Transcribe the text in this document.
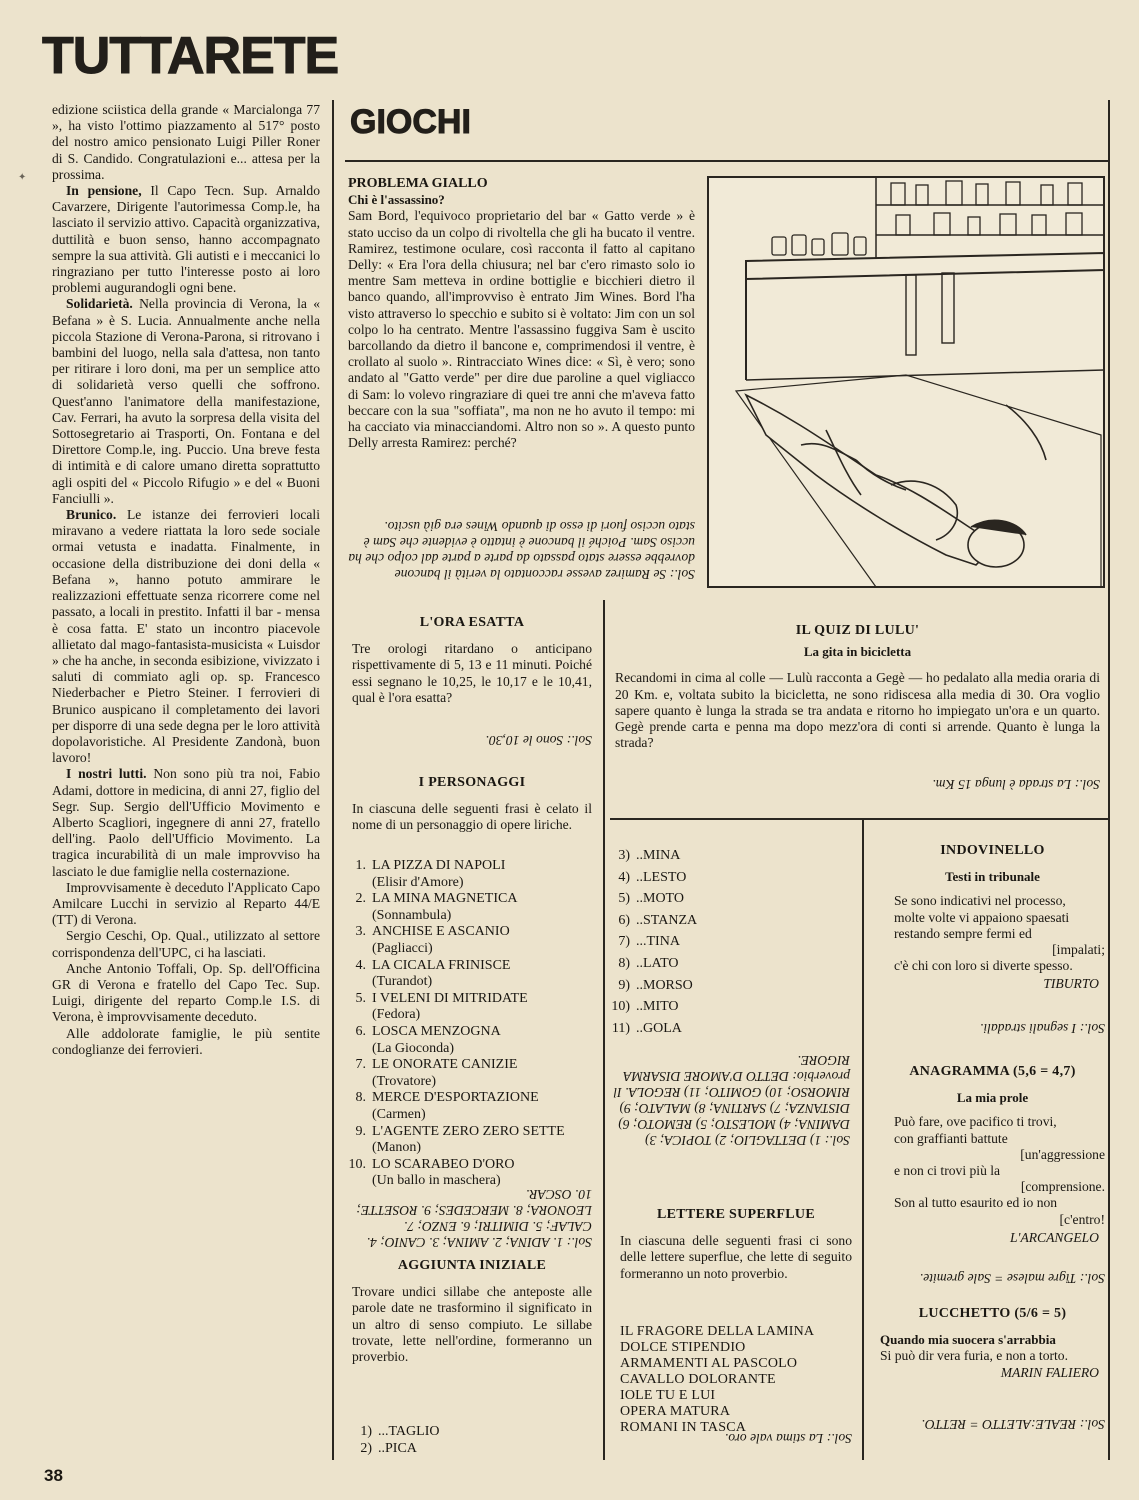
TUTTARETE
✦

edizione sciistica della grande « Marcialonga 77 », ha visto l'ottimo piazzamento al 517° posto del nostro amico pensionato Luigi Piller Roner di S. Candido. Congratulazioni e... attesa per la prossima.

In pensione, Il Capo Tecn. Sup. Arnaldo Cavarzere, Dirigente l'autorimessa Comp.le, ha lasciato il servizio attivo. Capacità organizzativa, duttilità e buon senso, hanno accompagnato sempre la sua attività. Gli autisti e i meccanici lo ringraziano per tutto l'interesse posto ai loro problemi augurandogli ogni bene.

Solidarietà. Nella provincia di Verona, la « Befana » è S. Lucia. Annualmente anche nella piccola Stazione di Verona-Parona, si ritrovano i bambini del luogo, nella sala d'attesa, non tanto per ritirare i loro doni, ma per un semplice atto di solidarietà verso quelli che soffrono. Quest'anno l'animatore della manifestazione, Cav. Ferrari, ha avuto la sorpresa della visita del Sottosegretario ai Trasporti, On. Fontana e del Direttore Comp.le, ing. Puccio. Una breve festa di intimità e di calore umano diretta soprattutto agli ospiti del « Piccolo Rifugio » e del « Buoni Fanciulli ».

Brunico. Le istanze dei ferrovieri locali miravano a vedere riattata la loro sede sociale ormai vetusta e inadatta. Finalmente, in occasione della distribuzione dei doni della « Befana », hanno potuto ammirare le realizzazioni effettuate senza ricorrere come nel passato, a locali in prestito. Infatti il bar - mensa è cosa fatta. E' stato un incontro piacevole allietato dal mago-fantasista-musicista « Luisdor » che ha anche, in seconda esibizione, vivizzato i saluti di commiato agli op. sp. Francesco Niederbacher e Pietro Steiner. I ferrovieri di Brunico auspicano il completamento dei lavori per disporre di una sede degna per le loro attività dopolavoristiche. Al Presidente Zandonà, buon lavoro!

I nostri lutti. Non sono più tra noi, Fabio Adami, dottore in medicina, di anni 27, figlio del Segr. Sup. Sergio dell'Ufficio Movimento e Alberto Scagliori, ingegnere di anni 27, fratello dell'ing. Paolo dell'Ufficio Movimento. La tragica incurabilità di un male improvviso ha lasciato le due famiglie nella costernazione.

Improvvisamente è deceduto l'Applicato Capo Amilcare Lucchi in servizio al Reparto 44/E (TT) di Verona.

Sergio Ceschi, Op. Qual., utilizzato al settore corrispondenza dell'UPC, ci ha lasciati.

Anche Antonio Toffali, Op. Sp. dell'Officina GR di Verona e fratello del Capo Tec. Sup. Luigi, dirigente del reparto Comp.le I.S. di Verona, è improvvisamente deceduto.

Alle addolorate famiglie, le più sentite condoglianze dei ferrovieri.

GIOCHI
PROBLEMA GIALLO
Chi è l'assassino?

Sam Bord, l'equivoco proprietario del bar « Gatto verde » è stato ucciso da un colpo di rivoltella che gli ha bucato il ventre. Ramirez, testimone oculare, così racconta il fatto al capitano Delly: « Era l'ora della chiusura; nel bar c'ero rimasto solo io mentre Sam metteva in ordine bottiglie e bicchieri dietro il banco quando, all'improvviso è entrato Jim Wines. Bord l'ha visto attraverso lo specchio e subito si è voltato: Jim con un sol colpo lo ha centrato. Mentre l'assassino fuggiva Sam è uscito barcollando da dietro il bancone e, comprimendosi il ventre, è crollato al suolo ». Rintracciato Wines dice: « Sì, è vero; sono andato al "Gatto verde" per dire due paroline a quel vigliacco di Sam: lo volevo ringraziare di quei tre anni che m'aveva fatto beccare con la sua "soffiata", ma non ne ho avuto il tempo: mi ha cacciato via minacciandomi. Altro non so ». A questo punto Delly arresta Ramirez: perché?

Sol.: Se Ramirez avesse raccontato la verità il bancone dovrebbe essere stato passato da parte a parte dal colpo che ha ucciso Sam. Poiché il bancone è intatto è evidente che Sam è stato ucciso fuori di esso di quando Wines era già uscito.
L'ORA ESATTA

Tre orologi ritardano o anticipano rispettivamente di 5, 13 e 11 minuti. Poiché essi segnano le 10,25, le 10,17 e le 10,41, qual è l'ora esatta?

Sol.: Sono le 10,30.
IL QUIZ DI LULU'
La gita in bicicletta

Recandomi in cima al colle — Lulù racconta a Gegè — ho pedalato alla media oraria di 20 Km. e, voltata subito la bicicletta, ne sono ridiscesa alla media di 30. Ora voglio sapere quanto è lunga la strada se tra andata e ritorno ho impiegato un'ora e un quarto. Gegè prende carta e penna ma dopo mezz'ora di conti si arrende. Quanto è lunga la strada?

Sol.: La strada è lunga 15 Km.
I PERSONAGGI

In ciascuna delle seguenti frasi è celato il nome di un personaggio di opere liriche.

1. LA PIZZA DI NAPOLI
(Elisir d'Amore)
2. LA MINA MAGNETICA
(Sonnambula)
3. ANCHISE E ASCANIO
(Pagliacci)
4. LA CICALA FRINISCE
(Turandot)
5. I VELENI DI MITRIDATE
(Fedora)
6. LOSCA MENZOGNA
(La Gioconda)
7. LE ONORATE CANIZIE
(Trovatore)
8. MERCE D'ESPORTAZIONE
(Carmen)
9. L'AGENTE ZERO ZERO SETTE
(Manon)
10. LO SCARABEO D'ORO
(Un ballo in maschera)
Sol.: 1. ADINA; 2. AMINA; 3. CANIO; 4. CALAF; 5. DIMITRI; 6. ENZO; 7. LEONORA; 8. MERCEDES; 9. ROSETTE; 10. OSCAR.
AGGIUNTA INIZIALE

Trovare undici sillabe che anteposte alle parole date ne trasformino il significato in un altro di senso compiuto. Le sillabe trovate, lette nell'ordine, formeranno un proverbio.

1) ...TAGLIO
2) ..PICA
3) ..MINA
4) ..LESTO
5) ..MOTO
6) ..STANZA
7) ...TINA
8) ..LATO
9) ..MORSO
10) ..MITO
11) ..GOLA
Sol.: 1) DETTAGLIO; 2) TOPICA; 3) DAMINA; 4) MOLESTO; 5) REMOTO; 6) DISTANZA; 7) SARTINA; 8) MALATO; 9) RIMORSO; 10) GOMITO; 11) REGOLA. Il proverbio: DETTO D'AMORE DISARMA RIGORE.
LETTERE SUPERFLUE

In ciascuna delle seguenti frasi ci sono delle lettere superflue, che lette di seguito formeranno un noto proverbio.

IL FRAGORE DELLA LAMINA
DOLCE STIPENDIO
ARMAMENTI AL PASCOLO
CAVALLO DOLORANTE
IOLE TU E LUI
OPERA MATURA
ROMANI IN TASCA
Sol.: La stima vale oro.
INDOVINELLO
Testi in tribunale

Se sono indicativi nel processo,

molte volte vi appaiono spaesati

restando sempre fermi ed

[impalati;

c'è chi con loro si diverte spesso.

TIBURTO
Sol.: I segnali stradali.
ANAGRAMMA (5,6 = 4,7)
La mia prole

Può fare, ove pacifico ti trovi,

con graffianti battute

[un'aggressione

e non ci trovi più la

[comprensione.

Son al tutto esaurito ed io non

[c'entro!

L'ARCANGELO
Sol.: Tigre malese = Sale gremite.
LUCCHETTO (5/6 = 5)
Quando mia suocera s'arrabbia
Si può dir vera furia, e non a torto.
MARIN FALIERO
Sol.: REALE:ALETTO = RETTO.
38
